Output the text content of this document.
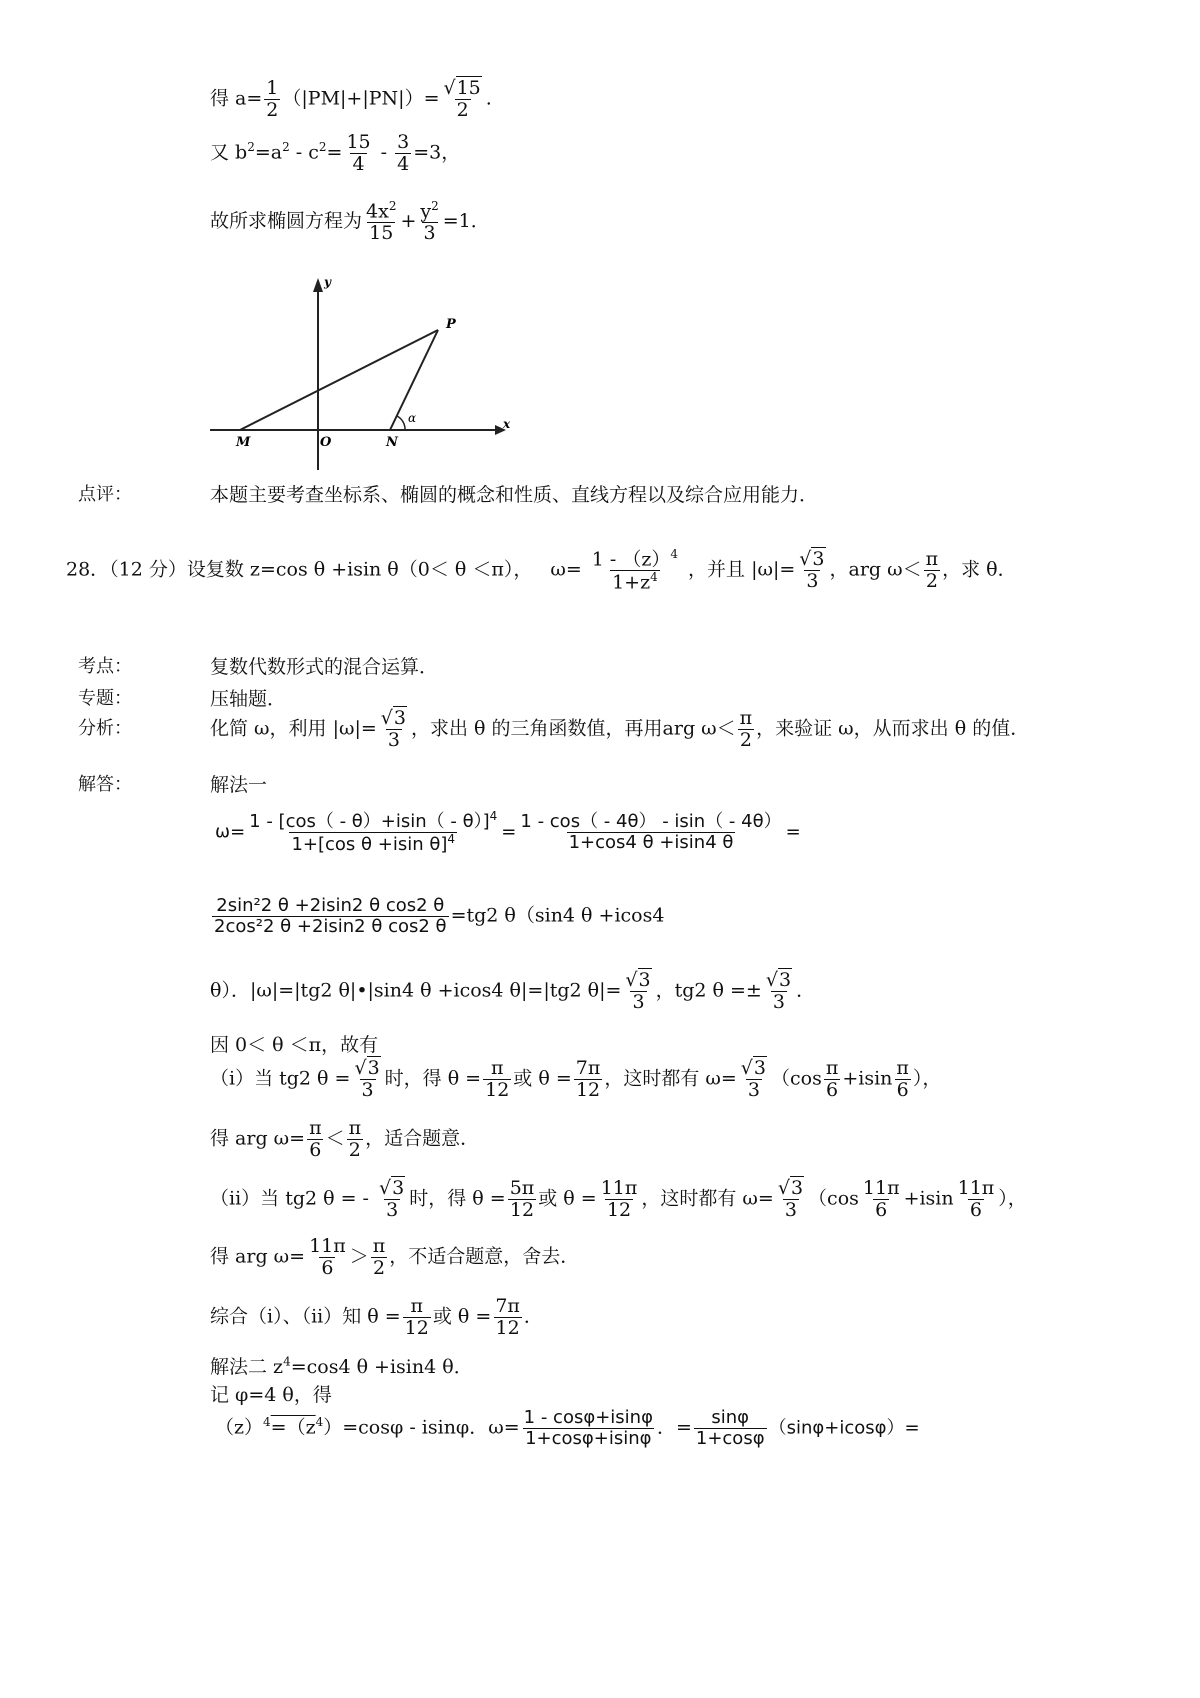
得 $a= \frac{1}{2} (|PM|+|PN|)= \frac{√15}{2}$ .
又 $b^2=a^2 - c^2= \frac{15}{4} - \frac{3}{4} =3$，
故所求椭圆方程为 $\frac{4x^2}{15} + \frac{y^2}{3} =1$．
y
x
P
M	O	N
α
点评：	本题主要考查坐标系、椭圆的概念和性质、直线方程以及综合应用能力．
28．（12 分）设复数 z=cos θ +isin θ（0＜ θ ＜π）， $\omega= \frac{1 - (z)^4}{1+z^4}$ ，并且 $|\omega|= \frac{√3}{3}$ ，arg $\omega< \frac{\pi}{2}$ ，求 θ．
考点：	复数代数形式的混合运算．
专题：	压轴题．
分析：	化简 ω，利用 $|\omega|= \frac{√3}{3}$ ，求出 θ 的三角函数值，再用arg $\omega< \frac{\pi}{2}$ ，来验证 ω，从而求出 θ 的值．
解答：	解法一
$\omega= \frac{1 - [\cos( - \theta)+isin( - \theta)]^4}{1+[\cos \theta +isin \theta]^4} = \frac{1 - \cos( - 4\theta) - isin( - 4\theta)}{1+\cos 4 \theta +isin4 \theta}$ =
$\frac{\text{2sin²2 θ +2isin2 θ cos2 θ}}{\text{2cos²2 θ +2isin2 θ cos2 θ}} =tg2$ θ（sin4 θ +icos4
θ）．|ω|=|tg2 θ|•|sin4 θ +icos4 θ|=|tg2 $\theta|= \frac{√3}{3}$ ，tg2 $\theta =\pm \frac{√3}{3}$ ．
因 0＜ θ ＜π，故有
（i）当 tg2 $\theta = \frac{√3}{3}$ 时，得 $\theta = \frac{\pi}{12}$ 或 $\theta = \frac{7\pi}{12}$ ，这时都有 $\omega= \frac{√3}{3} (\cos \frac{\pi}{6} +isin \frac{\pi}{6}$ ），
得 arg $\omega= \frac{\pi}{6} < \frac{\pi}{2}$ ，适合题意．
（ii）当 tg2 θ = - $\frac{√3}{3}$ 时，得 $\theta = \frac{5\pi}{12}$ 或 $\theta = \frac{11\pi}{12}$ ，这时都有 $\omega= \frac{√3}{3} (\cos \frac{11\pi}{6} +isin \frac{11\pi}{6}$ ），
得 arg $\omega= \frac{11\pi}{6} > \frac{\pi}{2}$ ，不适合题意，舍去．
综合（i）、（ii）知 $\theta = \frac{\pi}{12}$ 或 $\theta = \frac{7\pi}{12}$ ．
解法二 $z^4=\cos 4$ θ +isin4 θ．
记 φ=4 θ，得
$(z)^4=(z^4)=\cos\varphi - isin\varphi$．$\omega= \frac{1 - \cos\varphi+isin\varphi}{1+\cos\varphi+isin\varphi}$ ．= $\frac{\sin\varphi}{1+\cos\varphi} (\sin\varphi+icos\varphi)=$
